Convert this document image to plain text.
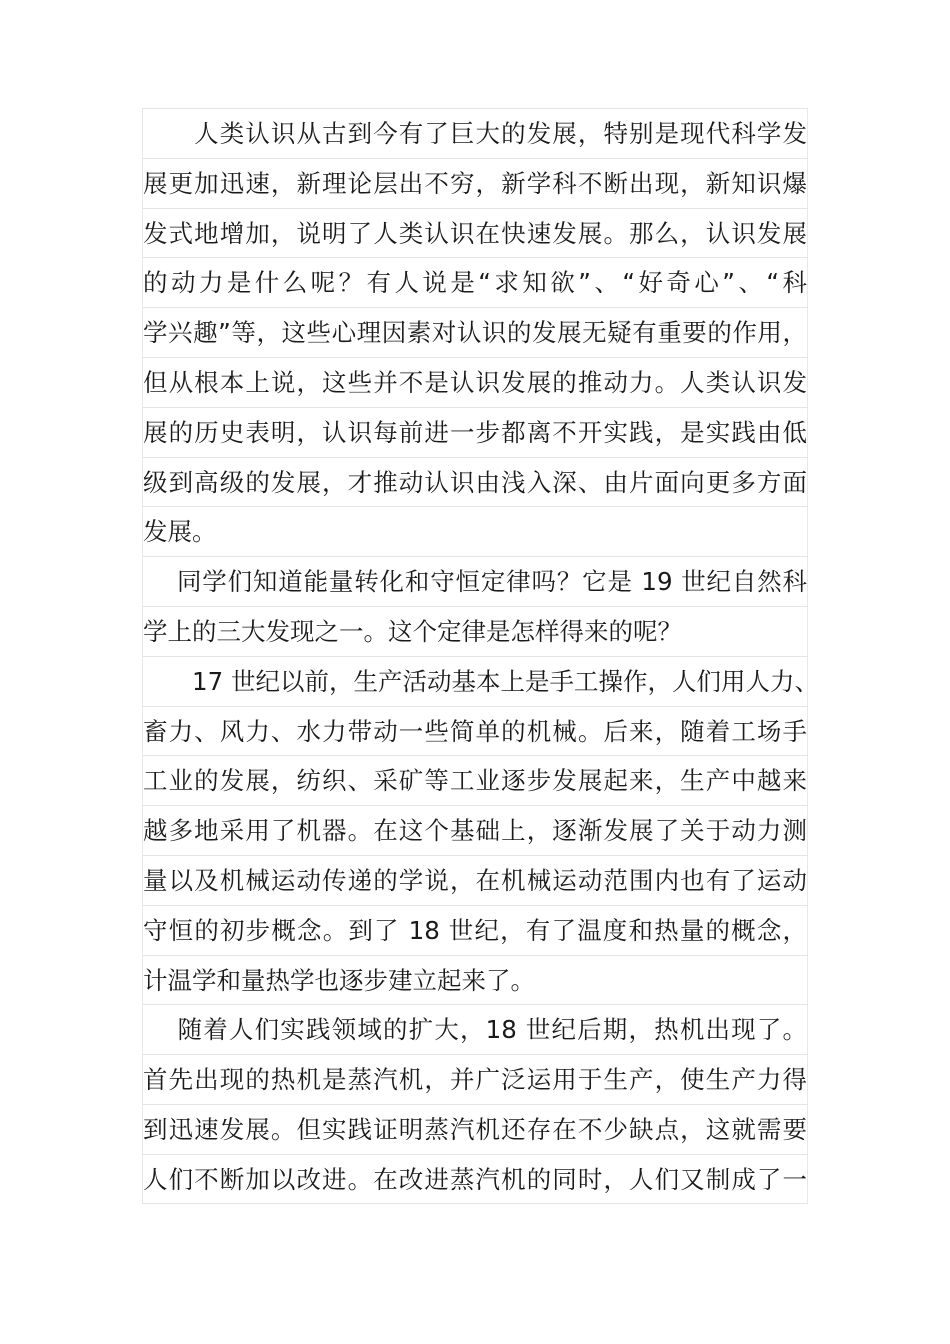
　　人类认识从古到今有了巨大的发展，特别是现代科学发
展更加迅速，新理论层出不穷，新学科不断出现，新知识爆
发式地增加，说明了人类认识在快速发展。那么，认识发展
的动力是什么呢？有人说是“求知欲”、“好奇心”、“科
学兴趣”等，这些心理因素对认识的发展无疑有重要的作用，
但从根本上说，这些并不是认识发展的推动力。人类认识发
展的历史表明，认识每前进一步都离不开实践，是实践由低
级到高级的发展，才推动认识由浅入深、由片面向更多方面
发展。
　 同学们知道能量转化和守恒定律吗？它是 19 世纪自然科
学上的三大发现之一。这个定律是怎样得来的呢？
　　17 世纪以前，生产活动基本上是手工操作，人们用人力、
畜力、风力、水力带动一些简单的机械。后来，随着工场手
工业的发展，纺织、采矿等工业逐步发展起来，生产中越来
越多地采用了机器。在这个基础上，逐渐发展了关于动力测
量以及机械运动传递的学说，在机械运动范围内也有了运动
守恒的初步概念。到了 18 世纪，有了温度和热量的概念，
计温学和量热学也逐步建立起来了。
　 随着人们实践领域的扩大，18 世纪后期，热机出现了。
首先出现的热机是蒸汽机，并广泛运用于生产，使生产力得
到迅速发展。但实践证明蒸汽机还存在不少缺点，这就需要
人们不断加以改进。在改进蒸汽机的同时，人们又制成了一
